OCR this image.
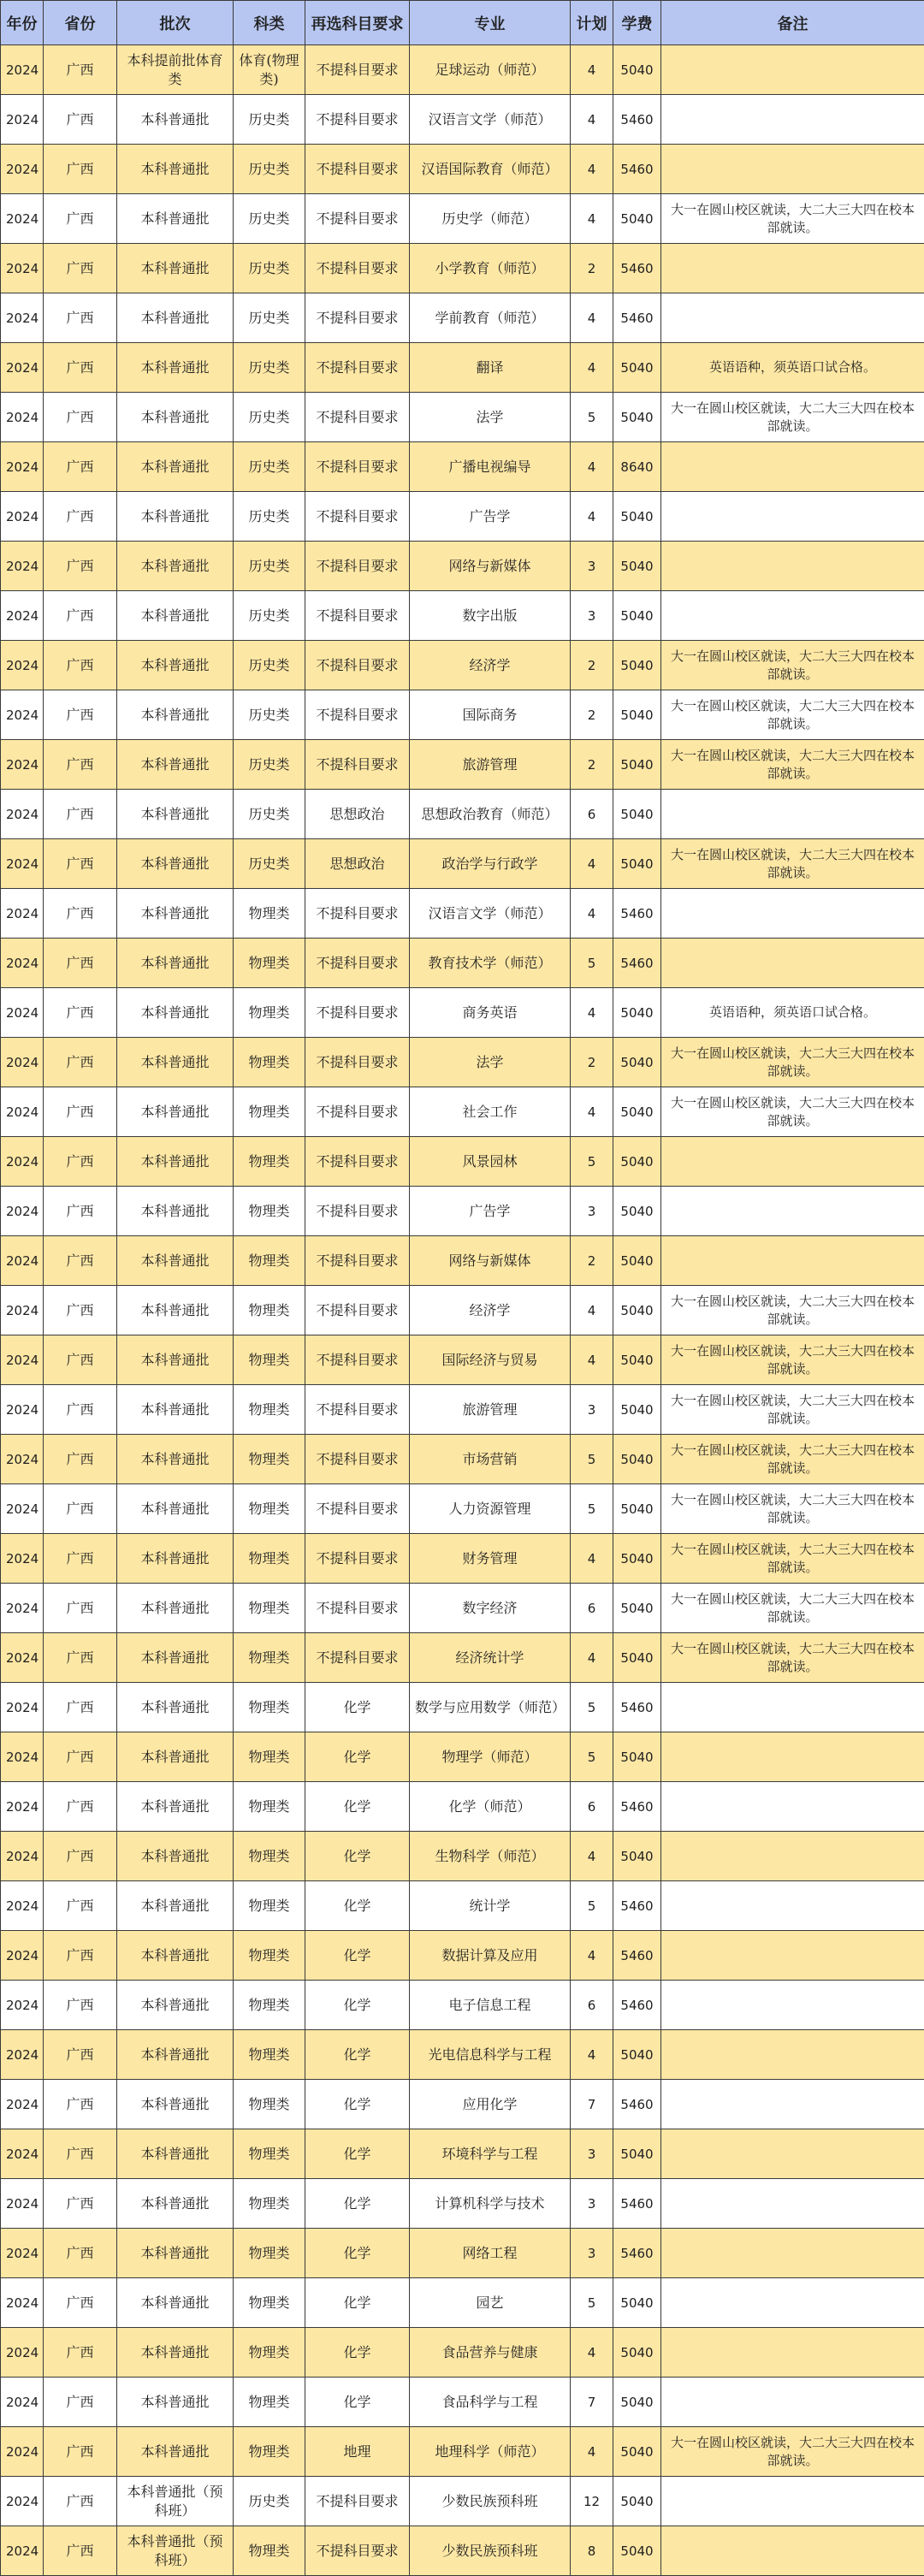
年份	省份	批次	科类	再选科目要求	专业	计划	学费	备注
2024	广西	本科提前批体育类	体育(物理类)	不提科目要求	足球运动（师范）	4	5040	
2024	广西	本科普通批	历史类	不提科目要求	汉语言文学（师范）	4	5460	
2024	广西	本科普通批	历史类	不提科目要求	汉语国际教育（师范）	4	5460	
2024	广西	本科普通批	历史类	不提科目要求	历史学（师范）	4	5040	大一在圆山校区就读，大二大三大四在校本部就读。
2024	广西	本科普通批	历史类	不提科目要求	小学教育（师范）	2	5460	
2024	广西	本科普通批	历史类	不提科目要求	学前教育（师范）	4	5460	
2024	广西	本科普通批	历史类	不提科目要求	翻译	4	5040	英语语种，须英语口试合格。
2024	广西	本科普通批	历史类	不提科目要求	法学	5	5040	大一在圆山校区就读，大二大三大四在校本部就读。
2024	广西	本科普通批	历史类	不提科目要求	广播电视编导	4	8640	
2024	广西	本科普通批	历史类	不提科目要求	广告学	4	5040	
2024	广西	本科普通批	历史类	不提科目要求	网络与新媒体	3	5040	
2024	广西	本科普通批	历史类	不提科目要求	数字出版	3	5040	
2024	广西	本科普通批	历史类	不提科目要求	经济学	2	5040	大一在圆山校区就读，大二大三大四在校本部就读。
2024	广西	本科普通批	历史类	不提科目要求	国际商务	2	5040	大一在圆山校区就读，大二大三大四在校本部就读。
2024	广西	本科普通批	历史类	不提科目要求	旅游管理	2	5040	大一在圆山校区就读，大二大三大四在校本部就读。
2024	广西	本科普通批	历史类	思想政治	思想政治教育（师范）	6	5040	
2024	广西	本科普通批	历史类	思想政治	政治学与行政学	4	5040	大一在圆山校区就读，大二大三大四在校本部就读。
2024	广西	本科普通批	物理类	不提科目要求	汉语言文学（师范）	4	5460	
2024	广西	本科普通批	物理类	不提科目要求	教育技术学（师范）	5	5460	
2024	广西	本科普通批	物理类	不提科目要求	商务英语	4	5040	英语语种，须英语口试合格。
2024	广西	本科普通批	物理类	不提科目要求	法学	2	5040	大一在圆山校区就读，大二大三大四在校本部就读。
2024	广西	本科普通批	物理类	不提科目要求	社会工作	4	5040	大一在圆山校区就读，大二大三大四在校本部就读。
2024	广西	本科普通批	物理类	不提科目要求	风景园林	5	5040	
2024	广西	本科普通批	物理类	不提科目要求	广告学	3	5040	
2024	广西	本科普通批	物理类	不提科目要求	网络与新媒体	2	5040	
2024	广西	本科普通批	物理类	不提科目要求	经济学	4	5040	大一在圆山校区就读，大二大三大四在校本部就读。
2024	广西	本科普通批	物理类	不提科目要求	国际经济与贸易	4	5040	大一在圆山校区就读，大二大三大四在校本部就读。
2024	广西	本科普通批	物理类	不提科目要求	旅游管理	3	5040	大一在圆山校区就读，大二大三大四在校本部就读。
2024	广西	本科普通批	物理类	不提科目要求	市场营销	5	5040	大一在圆山校区就读，大二大三大四在校本部就读。
2024	广西	本科普通批	物理类	不提科目要求	人力资源管理	5	5040	大一在圆山校区就读，大二大三大四在校本部就读。
2024	广西	本科普通批	物理类	不提科目要求	财务管理	4	5040	大一在圆山校区就读，大二大三大四在校本部就读。
2024	广西	本科普通批	物理类	不提科目要求	数字经济	6	5040	大一在圆山校区就读，大二大三大四在校本部就读。
2024	广西	本科普通批	物理类	不提科目要求	经济统计学	4	5040	大一在圆山校区就读，大二大三大四在校本部就读。
2024	广西	本科普通批	物理类	化学	数学与应用数学（师范）	5	5460	
2024	广西	本科普通批	物理类	化学	物理学（师范）	5	5040	
2024	广西	本科普通批	物理类	化学	化学（师范）	6	5460	
2024	广西	本科普通批	物理类	化学	生物科学（师范）	4	5040	
2024	广西	本科普通批	物理类	化学	统计学	5	5460	
2024	广西	本科普通批	物理类	化学	数据计算及应用	4	5460	
2024	广西	本科普通批	物理类	化学	电子信息工程	6	5460	
2024	广西	本科普通批	物理类	化学	光电信息科学与工程	4	5040	
2024	广西	本科普通批	物理类	化学	应用化学	7	5460	
2024	广西	本科普通批	物理类	化学	环境科学与工程	3	5040	
2024	广西	本科普通批	物理类	化学	计算机科学与技术	3	5460	
2024	广西	本科普通批	物理类	化学	网络工程	3	5460	
2024	广西	本科普通批	物理类	化学	园艺	5	5040	
2024	广西	本科普通批	物理类	化学	食品营养与健康	4	5040	
2024	广西	本科普通批	物理类	化学	食品科学与工程	7	5040	
2024	广西	本科普通批	物理类	地理	地理科学（师范）	4	5040	大一在圆山校区就读，大二大三大四在校本部就读。
2024	广西	本科普通批（预科班）	历史类	不提科目要求	少数民族预科班	12	5040	
2024	广西	本科普通批（预科班）	物理类	不提科目要求	少数民族预科班	8	5040	
